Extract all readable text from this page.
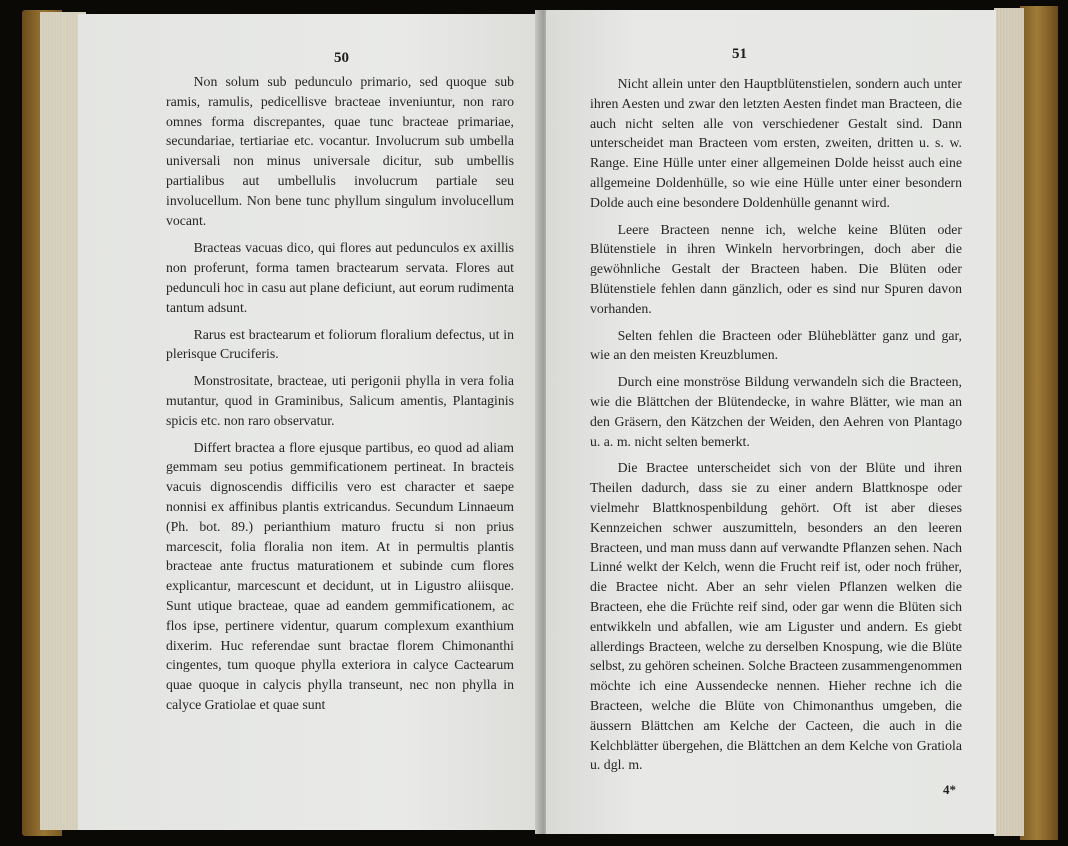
50

Non solum sub pedunculo primario, sed quoque sub ramis, ramulis, pedicellisve bracteae inveniuntur, non raro omnes forma discrepantes, quae tunc bracteae primariae, secundariae, tertiariae etc. vocantur. Involucrum sub umbella universali non minus universale dicitur, sub umbellis partialibus aut umbellulis involucrum partiale seu involucellum. Non bene tunc phyllum singulum involucellum vocant.

Bracteas vacuas dico, qui flores aut pedunculos ex axillis non proferunt, forma tamen bractearum servata. Flores aut pedunculi hoc in casu aut plane deficiunt, aut eorum rudimenta tantum adsunt.

Rarus est bractearum et foliorum floralium defectus, ut in plerisque Cruciferis.

Monstrositate, bracteae, uti perigonii phylla in vera folia mutantur, quod in Graminibus, Salicum amentis, Plantaginis spicis etc. non raro observatur.

Differt bractea a flore ejusque partibus, eo quod ad aliam gemmam seu potius gemmificationem pertineat. In bracteis vacuis dignoscendis difficilis vero est character et saepe nonnisi ex affinibus plantis extricandus. Secundum Linnaeum (Ph. bot. 89.) perianthium maturo fructu si non prius marcescit, folia floralia non item. At in permultis plantis bracteae ante fructus maturationem et subinde cum flores explicantur, marcescunt et decidunt, ut in Ligustro aliisque. Sunt utique bracteae, quae ad eandem gemmificationem, ac flos ipse, pertinere videntur, quarum complexum exanthium dixerim. Huc referendae sunt bractae florem Chimonanthi cingentes, tum quoque phylla exteriora in calyce Cactearum quae quoque in calycis phylla transeunt, nec non phylla in calyce Gratiolae et quae sunt

51

Nicht allein unter den Hauptblütenstielen, sondern auch unter ihren Aesten und zwar den letzten Aesten findet man Bracteen, die auch nicht selten alle von verschiedener Gestalt sind. Dann unterscheidet man Bracteen vom ersten, zweiten, dritten u. s. w. Range. Eine Hülle unter einer allgemeinen Dolde heisst auch eine allgemeine Doldenhülle, so wie eine Hülle unter einer besondern Dolde auch eine besondere Doldenhülle genannt wird.

Leere Bracteen nenne ich, welche keine Blüten oder Blütenstiele in ihren Winkeln hervorbringen, doch aber die gewöhnliche Gestalt der Bracteen haben. Die Blüten oder Blütenstiele fehlen dann gänzlich, oder es sind nur Spuren davon vorhanden.

Selten fehlen die Bracteen oder Blüheblätter ganz und gar, wie an den meisten Kreuzblumen.

Durch eine monströse Bildung verwandeln sich die Bracteen, wie die Blättchen der Blütendecke, in wahre Blätter, wie man an den Gräsern, den Kätzchen der Weiden, den Aehren von Plantago u. a. m. nicht selten bemerkt.

Die Bractee unterscheidet sich von der Blüte und ihren Theilen dadurch, dass sie zu einer andern Blattknospe oder vielmehr Blattknospenbildung gehört. Oft ist aber dieses Kennzeichen schwer auszumitteln, besonders an den leeren Bracteen, und man muss dann auf verwandte Pflanzen sehen. Nach Linné welkt der Kelch, wenn die Frucht reif ist, oder noch früher, die Bractee nicht. Aber an sehr vielen Pflanzen welken die Bracteen, ehe die Früchte reif sind, oder gar wenn die Blüten sich entwikkeln und abfallen, wie am Liguster und andern. Es giebt allerdings Bracteen, welche zu derselben Knospung, wie die Blüte selbst, zu gehören scheinen. Solche Bracteen zusammengenommen möchte ich eine Aussendecke nennen. Hieher rechne ich die Bracteen, welche die Blüte von Chimonanthus umgeben, die äussern Blättchen am Kelche der Cacteen, die auch in die Kelchblätter übergehen, die Blättchen an dem Kelche von Gratiola u. dgl. m.

4*
